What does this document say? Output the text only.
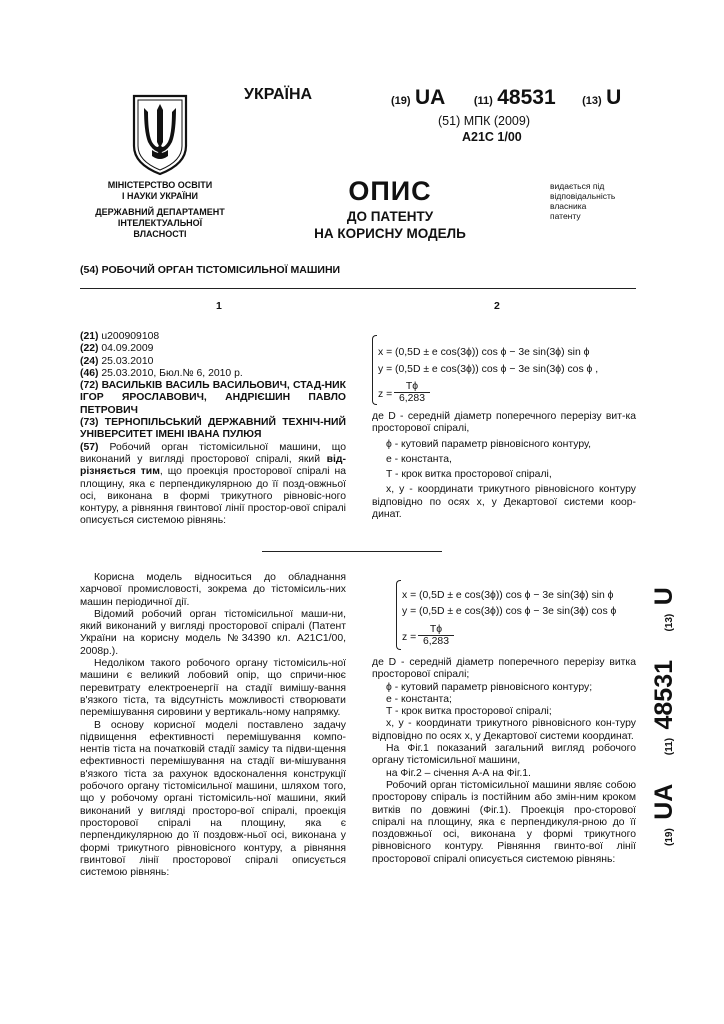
МІНІСТЕРСТВО ОСВІТИ
І НАУКИ УКРАЇНИ
ДЕРЖАВНИЙ ДЕПАРТАМЕНТ
ІНТЕЛЕКТУАЛЬНОЇ
ВЛАСНОСТІ
УКРАЇНА	(19) UA	(11) 48531 (13) U
(51) МПК (2009)
A21C 1/00
ОПИС
ДО ПАТЕНТУ
НА КОРИСНУ МОДЕЛЬ
видається під
відповідальність
власника
патенту
(54) РОБОЧИЙ ОРГАН ТІСТОМІСИЛЬНОЇ МАШИНИ
1	2

(21) u200909108

(22) 04.09.2009

(24) 25.03.2010

(46) 25.03.2010, Бюл.№ 6, 2010 р.

(72) ВАСИЛЬКІВ ВАСИЛЬ ВАСИЛЬОВИЧ, СТАД-НИК ІГОР ЯРОСЛАВОВИЧ, АНДРІЄШИН ПАВЛО ПЕТРОВИЧ

(73) ТЕРНОПІЛЬСЬКИЙ ДЕРЖАВНИЙ ТЕХНІЧ-НИЙ УНІВЕРСИТЕТ ІМЕНІ ІВАНА ПУЛЮЯ

(57) Робочий орган тістомісильної машини, що виконаний у вигляді просторової спіралі, який від-різняється тим, що проекція просторової спіралі на площину, яка є перпендикулярною до її позд-овжньої осі, виконана в формі трикутного рівновіс-ного контуру, а рівняння гвинтової лінії простор-ової спіралі описується системою рівнянь:

x = (0,5D ± e cos(3ϕ)) cos ϕ − 3e sin(3ϕ) sin ϕ
y = (0,5D ± e cos(3ϕ)) cos ϕ − 3e sin(3ϕ) cos ϕ ,
$z = \frac{T\phi}{6,283}$

де D - середній діаметр поперечного перерізу вит-ка просторової спіралі,

ϕ - кутовий параметр рівновісного контуру,

e - константа,

T - крок витка просторової спіралі,

x, y - координати трикутного рівновісного контуру відповідно по осях x, y Декартової системи коор-динат.

Корисна модель відноситься до обладнання харчової промисловості, зокрема до тістомісиль-них машин періодичної дії.

Відомий робочий орган тістомісильної маши-ни, який виконаний у вигляді просторової спіралі (Патент України на корисну модель №34390 кл. А21С1/00, 2008р.).

Недоліком такого робочого органу тістомісиль-ної машини є великий лобовий опір, що спричи-нює перевитрату електроенергії на стадії вимішу-вання в'язкого тіста, та відсутність можливості створювати перемішування сировини у вертикаль-ному напрямку.

В основу корисної моделі поставлено задачу підвищення ефективності перемішування компо-нентів тіста на початковій стадії замісу та підви-щення ефективності перемішування на стадії ви-мішування в'язкого тіста за рахунок вдосконалення конструкції робочого органу тістомісильної машини, шляхом того, що у робочому органі тістомісиль-ної машини, який виконаний у вигляді просторо-вої спіралі, проекція просторової спіралі на площину, яка є перпендикулярною до її поздовж-ньої осі, виконана у формі трикутного рівновісного контуру, а рівняння гвинтової лінії просторової спіралі описується системою рівнянь:

x = (0,5D ± e cos(3ϕ)) cos ϕ − 3e sin(3ϕ) sin ϕ
y = (0,5D ± e cos(3ϕ)) cos ϕ − 3e sin(3ϕ) cos ϕ
$z = \frac{T\phi}{6,283}$

де D - середній діаметр поперечного перерізу витка просторової спіралі;

ϕ - кутовий параметр рівновісного контуру;

e - константа;

T - крок витка просторової спіралі;

x, y - координати трикутного рівновісного кон-туру відповідно по осях x, y Декартової системи координат.

На Фіг.1 показаний загальний вигляд робочого органу тістомісильної машини,

на Фіг.2 – січення А-А на Фіг.1.

Робочий орган тістомісильної машини являє собою просторову спіраль із постійним або змін-ним кроком витків по довжині (Фіг.1). Проекція про-сторової спіралі на площину, яка є перпендикуля-рною до її поздовжньої осі, виконана у формі трикутного рівновісного контуру. Рівняння гвинто-вої лінії просторової спіралі описується системою рівнянь:

(19) UA (11) 48531 (13) U
